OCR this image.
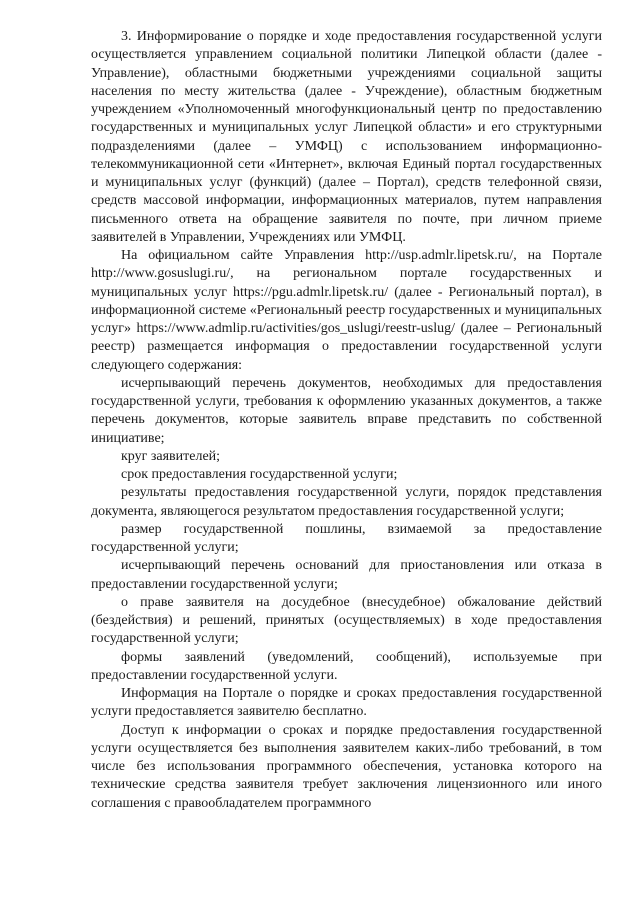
3. Информирование о порядке и ходе предоставления государственной услуги осуществляется управлением социальной политики Липецкой области (далее - Управление), областными бюджетными учреждениями социальной защиты населения по месту жительства (далее - Учреждение), областным бюджетным учреждением «Уполномоченный многофункциональный центр по предоставлению государственных и муниципальных услуг Липецкой области» и его структурными подразделениями (далее – УМФЦ) с использованием информационно-телекоммуникационной сети «Интернет», включая Единый портал государственных и муниципальных услуг (функций) (далее – Портал), средств телефонной связи, средств массовой информации, информационных материалов, путем направления письменного ответа на обращение заявителя по почте, при личном приеме заявителей в Управлении, Учреждениях или УМФЦ.

На официальном сайте Управления http://usp.admlr.lipetsk.ru/, на Портале http://www.gosuslugi.ru/, на региональном портале государственных и муниципальных услуг https://pgu.admlr.lipetsk.ru/ (далее - Региональный портал), в информационной системе «Региональный реестр государственных и муниципальных услуг» https://www.admlip.ru/activities/gos_uslugi/reestr-uslug/ (далее – Региональный реестр) размещается информация о предоставлении государственной услуги следующего содержания:

исчерпывающий перечень документов, необходимых для предоставления государственной услуги, требования к оформлению указанных документов, а также перечень документов, которые заявитель вправе представить по собственной инициативе;

круг заявителей;

срок предоставления государственной услуги;

результаты предоставления государственной услуги, порядок представления документа, являющегося результатом предоставления государственной услуги;

размер государственной пошлины, взимаемой за предоставление государственной услуги;

исчерпывающий перечень оснований для приостановления или отказа в предоставлении государственной услуги;

о праве заявителя на досудебное (внесудебное) обжалование действий (бездействия) и решений, принятых (осуществляемых) в ходе предоставления государственной услуги;

формы заявлений (уведомлений, сообщений), используемые при предоставлении государственной услуги.

Информация на Портале о порядке и сроках предоставления государственной услуги предоставляется заявителю бесплатно.

Доступ к информации о сроках и порядке предоставления государственной услуги осуществляется без выполнения заявителем каких-либо требований, в том числе без использования программного обеспечения, установка которого на технические средства заявителя требует заключения лицензионного или иного соглашения с правообладателем программного
